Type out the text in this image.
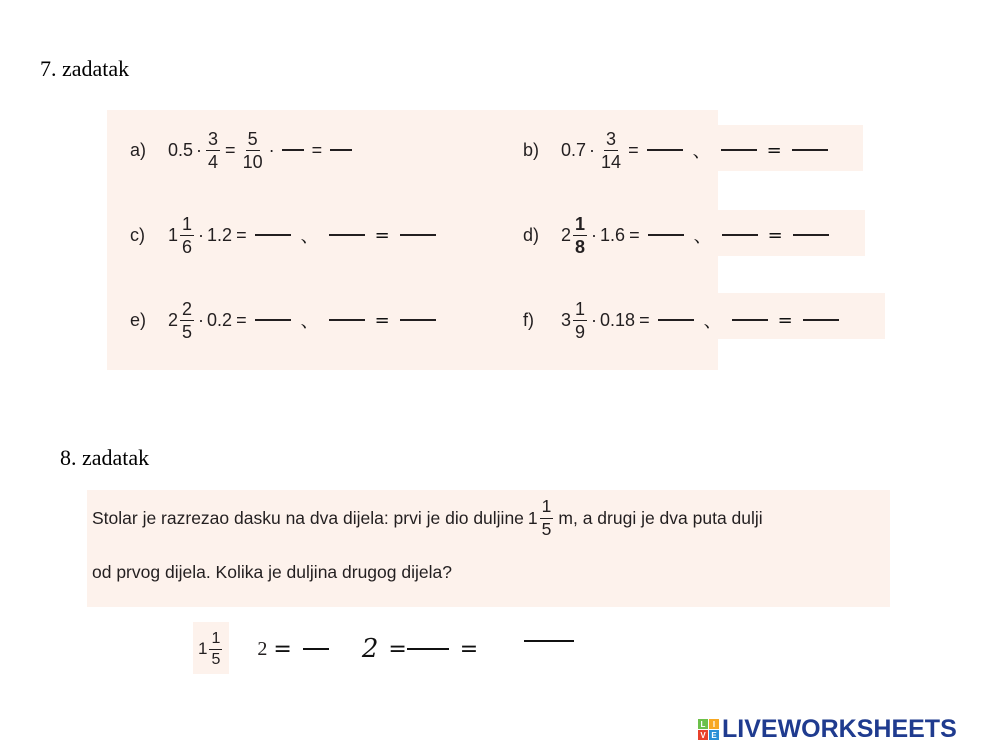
7. zadatak
a)	$0.5 \cdot \frac{3}{4} = \frac{5}{10}$ · =	b)	$0.7 \cdot \frac{3}{14}$ =	、	=
c)	$1 \frac{1}{6} \cdot 1.2$ =	、	=	d)	$2 \frac{1}{8} \cdot 1.6$ =	、	=
e)	$2 \frac{2}{5} \cdot 0.2$ =	、	=	f)	$3 \frac{1}{9} \cdot 0.18$ =	、	=
8. zadatak
Stolar je razrezao dasku na dva dijela: prvi je dio duljine $1 \frac{1}{5} m$, a drugi je dva puta dulji
od prvog dijela. Kolika je duljina drugog dijela?
$1 \frac{1}{5} 2$ =	2 = =
L I
V E LIVEWORKSHEETS
